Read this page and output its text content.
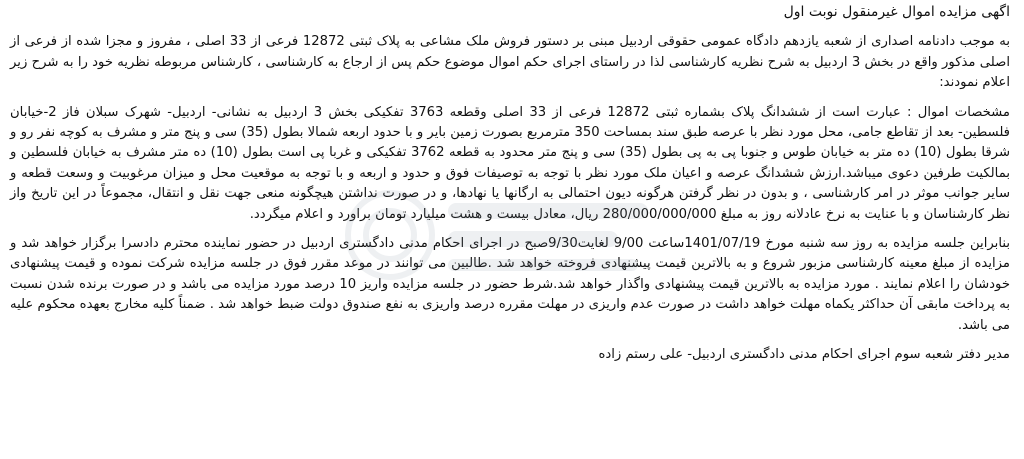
اگهی مزایده اموال غیرمنقول نوبت اول

به موجب دادنامه اصداری از شعبه یازدهم دادگاه عمومی حقوقی اردبیل مبنی بر دستور فروش ملک مشاعی به پلاک ثبتی 12872 فرعی از 33 اصلی ، مفروز و مجزا شده از فرعی از اصلی مذکور واقع در بخش 3 اردبیل به شرح نظریه کارشناسی لذا در راستای اجرای حکم اموال موضوع حکم پس از ارجاع به کارشناسی ، کارشناس مربوطه نظریه خود را به شرح زیر اعلام نمودند:

مشخصات اموال : عبارت است از ششدانگ پلاک بشماره ثبتی 12872 فرعی از 33 اصلی وقطعه 3763 تفکیکی بخش 3 اردبیل به نشانی- اردبیل- شهرک سبلان فاز 2-خیابان فلسطین- بعد از تقاطع جامی، محل مورد نظر با عرصه طبق سند بمساحت 350 مترمربع بصورت زمین بایر و با حدود اربعه شمالا بطول (35) سی و پنج متر و مشرف به کوچه نفر رو و شرقا بطول (10) ده متر به خیابان طوس و جنوبا پی به پی بطول (35) سی و پنج متر محدود به قطعه 3762 تفکیکی و غربا پی است بطول (10) ده متر مشرف به خیابان فلسطین و بمالکیت طرفین دعوی میباشد.ارزش ششدانگ عرصه و اعیان ملک مورد نظر با توجه به توصیفات فوق و حدود و اربعه و با توجه به موقعیت محل و میزان مرغوبیت و وسعت قطعه و سایر جوانب موثر در امر کارشناسی ، و بدون در نظر گرفتن هرگونه دیون احتمالی به ارگانها یا نهادها، و در صورت نداشتن هیچگونه منعی جهت نقل و انتقال، مجموعاً در این تاریخ واز نظر کارشناسان و با عنایت به نرخ عادلانه روز به مبلغ 280/000/000/000 ریال، معادل بیست و هشت میلیارد تومان براورد و اعلام میگردد.

بنابراین جلسه مزایده به روز سه شنبه مورخ 1401/07/19ساعت 9/00 لغایت9/30صبح در اجرای احکام مدنی دادگستری اردبیل در حضور نماینده محترم دادسرا برگزار خواهد شد و مزایده از مبلغ معینه کارشناسی مزبور شروع و به بالاترین قیمت پیشنهادی فروخته خواهد شد .طالبین می توانند در موعد مقرر فوق در جلسه مزایده شرکت نموده و قیمت پیشنهادی خودشان را اعلام نمایند . مورد مزایده به بالاترین قیمت پیشنهادی واگذار خواهد شد.شرط حضور در جلسه مزایده واریز 10 درصد مورد مزایده می باشد و در صورت برنده شدن نسبت به پرداخت مابقی آن حداکثر یکماه مهلت خواهد داشت در صورت عدم واریزی در مهلت مقرره درصد واریزی به نفع صندوق دولت ضبط خواهد شد . ضمناً کلیه مخارج بعهده محکوم علیه می باشد.

مدیر دفتر شعبه سوم اجرای احکام مدنی دادگستری اردبیل- علی رستم زاده
